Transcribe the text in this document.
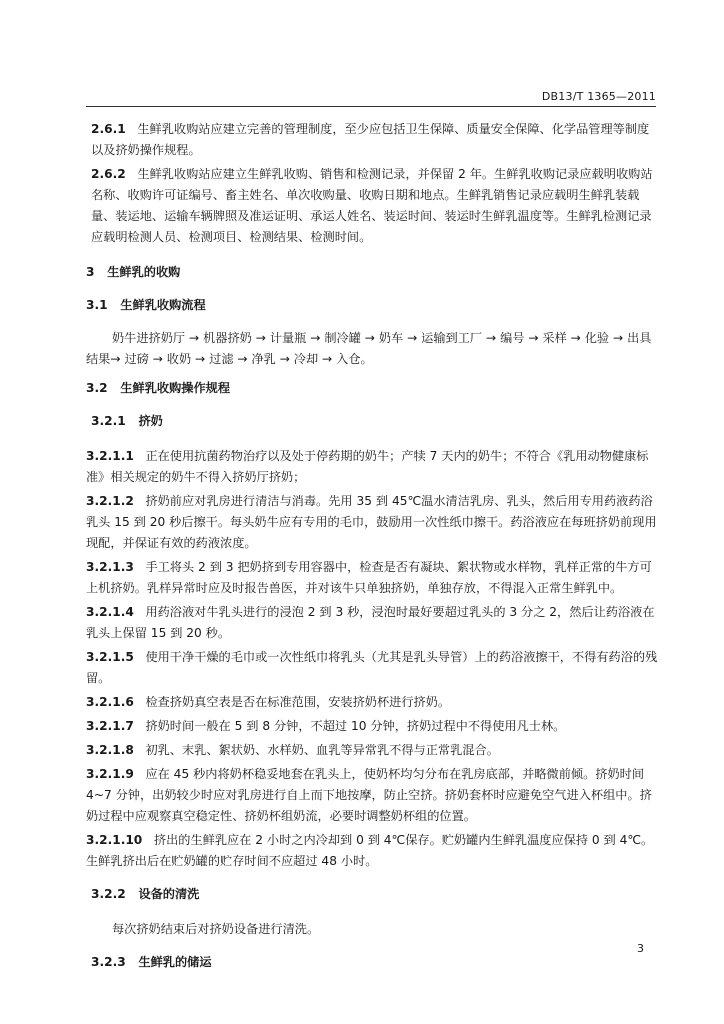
DB13/T 1365—2011

2.6.1 生鲜乳收购站应建立完善的管理制度，至少应包括卫生保障、质量安全保障、化学品管理等制度以及挤奶操作规程。

2.6.2 生鲜乳收购站应建立生鲜乳收购、销售和检测记录，并保留 2 年。生鲜乳收购记录应载明收购站名称、收购许可证编号、畜主姓名、单次收购量、收购日期和地点。生鲜乳销售记录应载明生鲜乳装载量、装运地、运输车辆牌照及准运证明、承运人姓名、装运时间、装运时生鲜乳温度等。生鲜乳检测记录应载明检测人员、检测项目、检测结果、检测时间。

3 生鲜乳的收购

3.1 生鲜乳收购流程

奶牛进挤奶厅 → 机器挤奶 → 计量瓶 → 制冷罐 → 奶车 → 运输到工厂 → 编号 → 采样 → 化验 → 出具结果→ 过磅 → 收奶 → 过滤 → 净乳 → 冷却 → 入仓。

3.2 生鲜乳收购操作规程

3.2.1 挤奶

3.2.1.1 正在使用抗菌药物治疗以及处于停药期的奶牛；产犊 7 天内的奶牛；不符合《乳用动物健康标准》相关规定的奶牛不得入挤奶厅挤奶；

3.2.1.2 挤奶前应对乳房进行清洁与消毒。先用 35 到 45℃温水清洁乳房、乳头，然后用专用药液药浴乳头 15 到 20 秒后擦干。每头奶牛应有专用的毛巾，鼓励用一次性纸巾擦干。药浴液应在每班挤奶前现用现配，并保证有效的药液浓度。

3.2.1.3 手工将头 2 到 3 把奶挤到专用容器中，检查是否有凝块、絮状物或水样物，乳样正常的牛方可上机挤奶。乳样异常时应及时报告兽医，并对该牛只单独挤奶，单独存放，不得混入正常生鲜乳中。

3.2.1.4 用药浴液对牛乳头进行的浸泡 2 到 3 秒，浸泡时最好要超过乳头的 3 分之 2，然后让药浴液在乳头上保留 15 到 20 秒。

3.2.1.5 使用干净干燥的毛巾或一次性纸巾将乳头（尤其是乳头导管）上的药浴液擦干，不得有药浴的残留。

3.2.1.6 检查挤奶真空表是否在标准范围，安装挤奶杯进行挤奶。

3.2.1.7 挤奶时间一般在 5 到 8 分钟，不超过 10 分钟，挤奶过程中不得使用凡士林。

3.2.1.8 初乳、末乳、絮状奶、水样奶、血乳等异常乳不得与正常乳混合。

3.2.1.9 应在 45 秒内将奶杯稳妥地套在乳头上，使奶杯均匀分布在乳房底部，并略微前倾。挤奶时间 4~7 分钟，出奶较少时应对乳房进行自上而下地按摩，防止空挤。挤奶套杯时应避免空气进入杯组中。挤奶过程中应观察真空稳定性、挤奶杯组奶流，必要时调整奶杯组的位置。

3.2.1.10 挤出的生鲜乳应在 2 小时之内冷却到 0 到 4℃保存。贮奶罐内生鲜乳温度应保持 0 到 4℃。生鲜乳挤出后在贮奶罐的贮存时间不应超过 48 小时。

3.2.2 设备的清洗

每次挤奶结束后对挤奶设备进行清洗。

3.2.3 生鲜乳的储运

3
